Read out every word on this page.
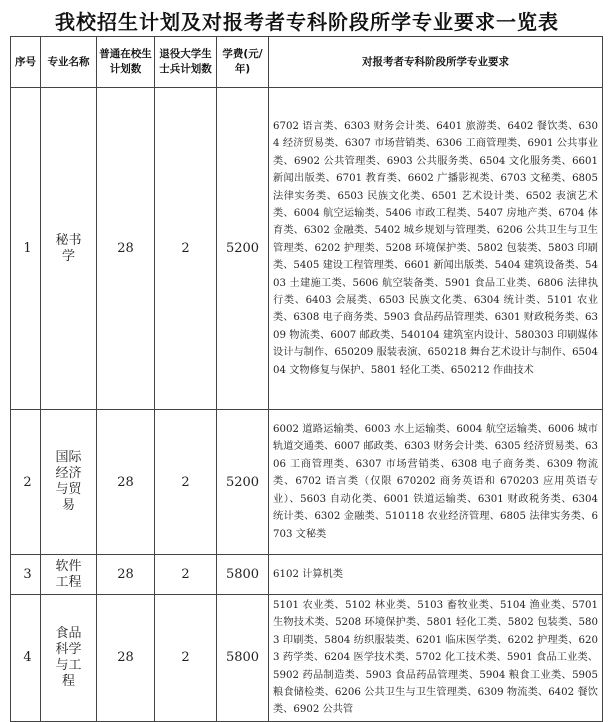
我校招生计划及对报考者专科阶段所学专业要求一览表
序号	专业名称	普通在校生计划数	退役大学生士兵计划数	学费(元/年)	对报考者专科阶段所学专业要求
1	秘书学	28	2	5200	6702 语言类、6303 财务会计类、6401 旅游类、6402 餐饮类、6304 经济贸易类、6307 市场营销类、6306 工商管理类、6901 公共事业类、6902 公共管理类、6903 公共服务类、6504 文化服务类、6601 新闻出版类、6701 教育类、6602 广播影视类、6703 文秘类、6805 法律实务类、6503 民族文化类、6501 艺术设计类、6502 表演艺术类、6004 航空运输类、5406 市政工程类、5407 房地产类、6704 体育类、6302 金融类、5402 城乡规划与管理类、6206 公共卫生与卫生管理类、6202 护理类、5208 环境保护类、5802 包装类、5803 印刷类、5405 建设工程管理类、6601 新闻出版类、5404 建筑设备类、5403 土建施工类、5606 航空装备类、5901 食品工业类、6806 法律执行类、6403 会展类、6503 民族文化类、6304 统计类、5101 农业类、6308 电子商务类、5903 食品药品管理类、6301 财政税务类、6309 物流类、6007 邮政类、540104 建筑室内设计、580303 印刷媒体设计与制作、650209 服装表演、650218 舞台艺术设计与制作、650404 文物修复与保护、5801 轻化工类、650212 作曲技术
2	国际经济与贸易	28	2	5200	6002 道路运输类、6003 水上运输类、6004 航空运输类、6006 城市轨道交通类、6007 邮政类、6303 财务会计类、6305 经济贸易类、6306 工商管理类、6307 市场营销类、6308 电子商务类、6309 物流类、6702 语言类（仅限 670202 商务英语和 670203 应用英语专业）、5603 自动化类、6001 铁道运输类、6301 财政税务类、6304 统计类、6302 金融类、510118 农业经济管理、6805 法律实务类、6703 文秘类
3	软件工程	28	2	5800	6102 计算机类
4	食品科学与工程	28	2	5800	5101 农业类、5102 林业类、5103 畜牧业类、5104 渔业类、5701 生物技术类、5208 环境保护类、5801 轻化工类、5802 包装类、5803 印刷类、5804 纺织服装类、6201 临床医学类、6202 护理类、6203 药学类、6204 医学技术类、5702 化工技术类、5901 食品工业类、5902 药品制造类、5903 食品药品管理类、5904 粮食工业类、5905 粮食储检类、6206 公共卫生与卫生管理类、6309 物流类、6402 餐饮类、6902 公共管
